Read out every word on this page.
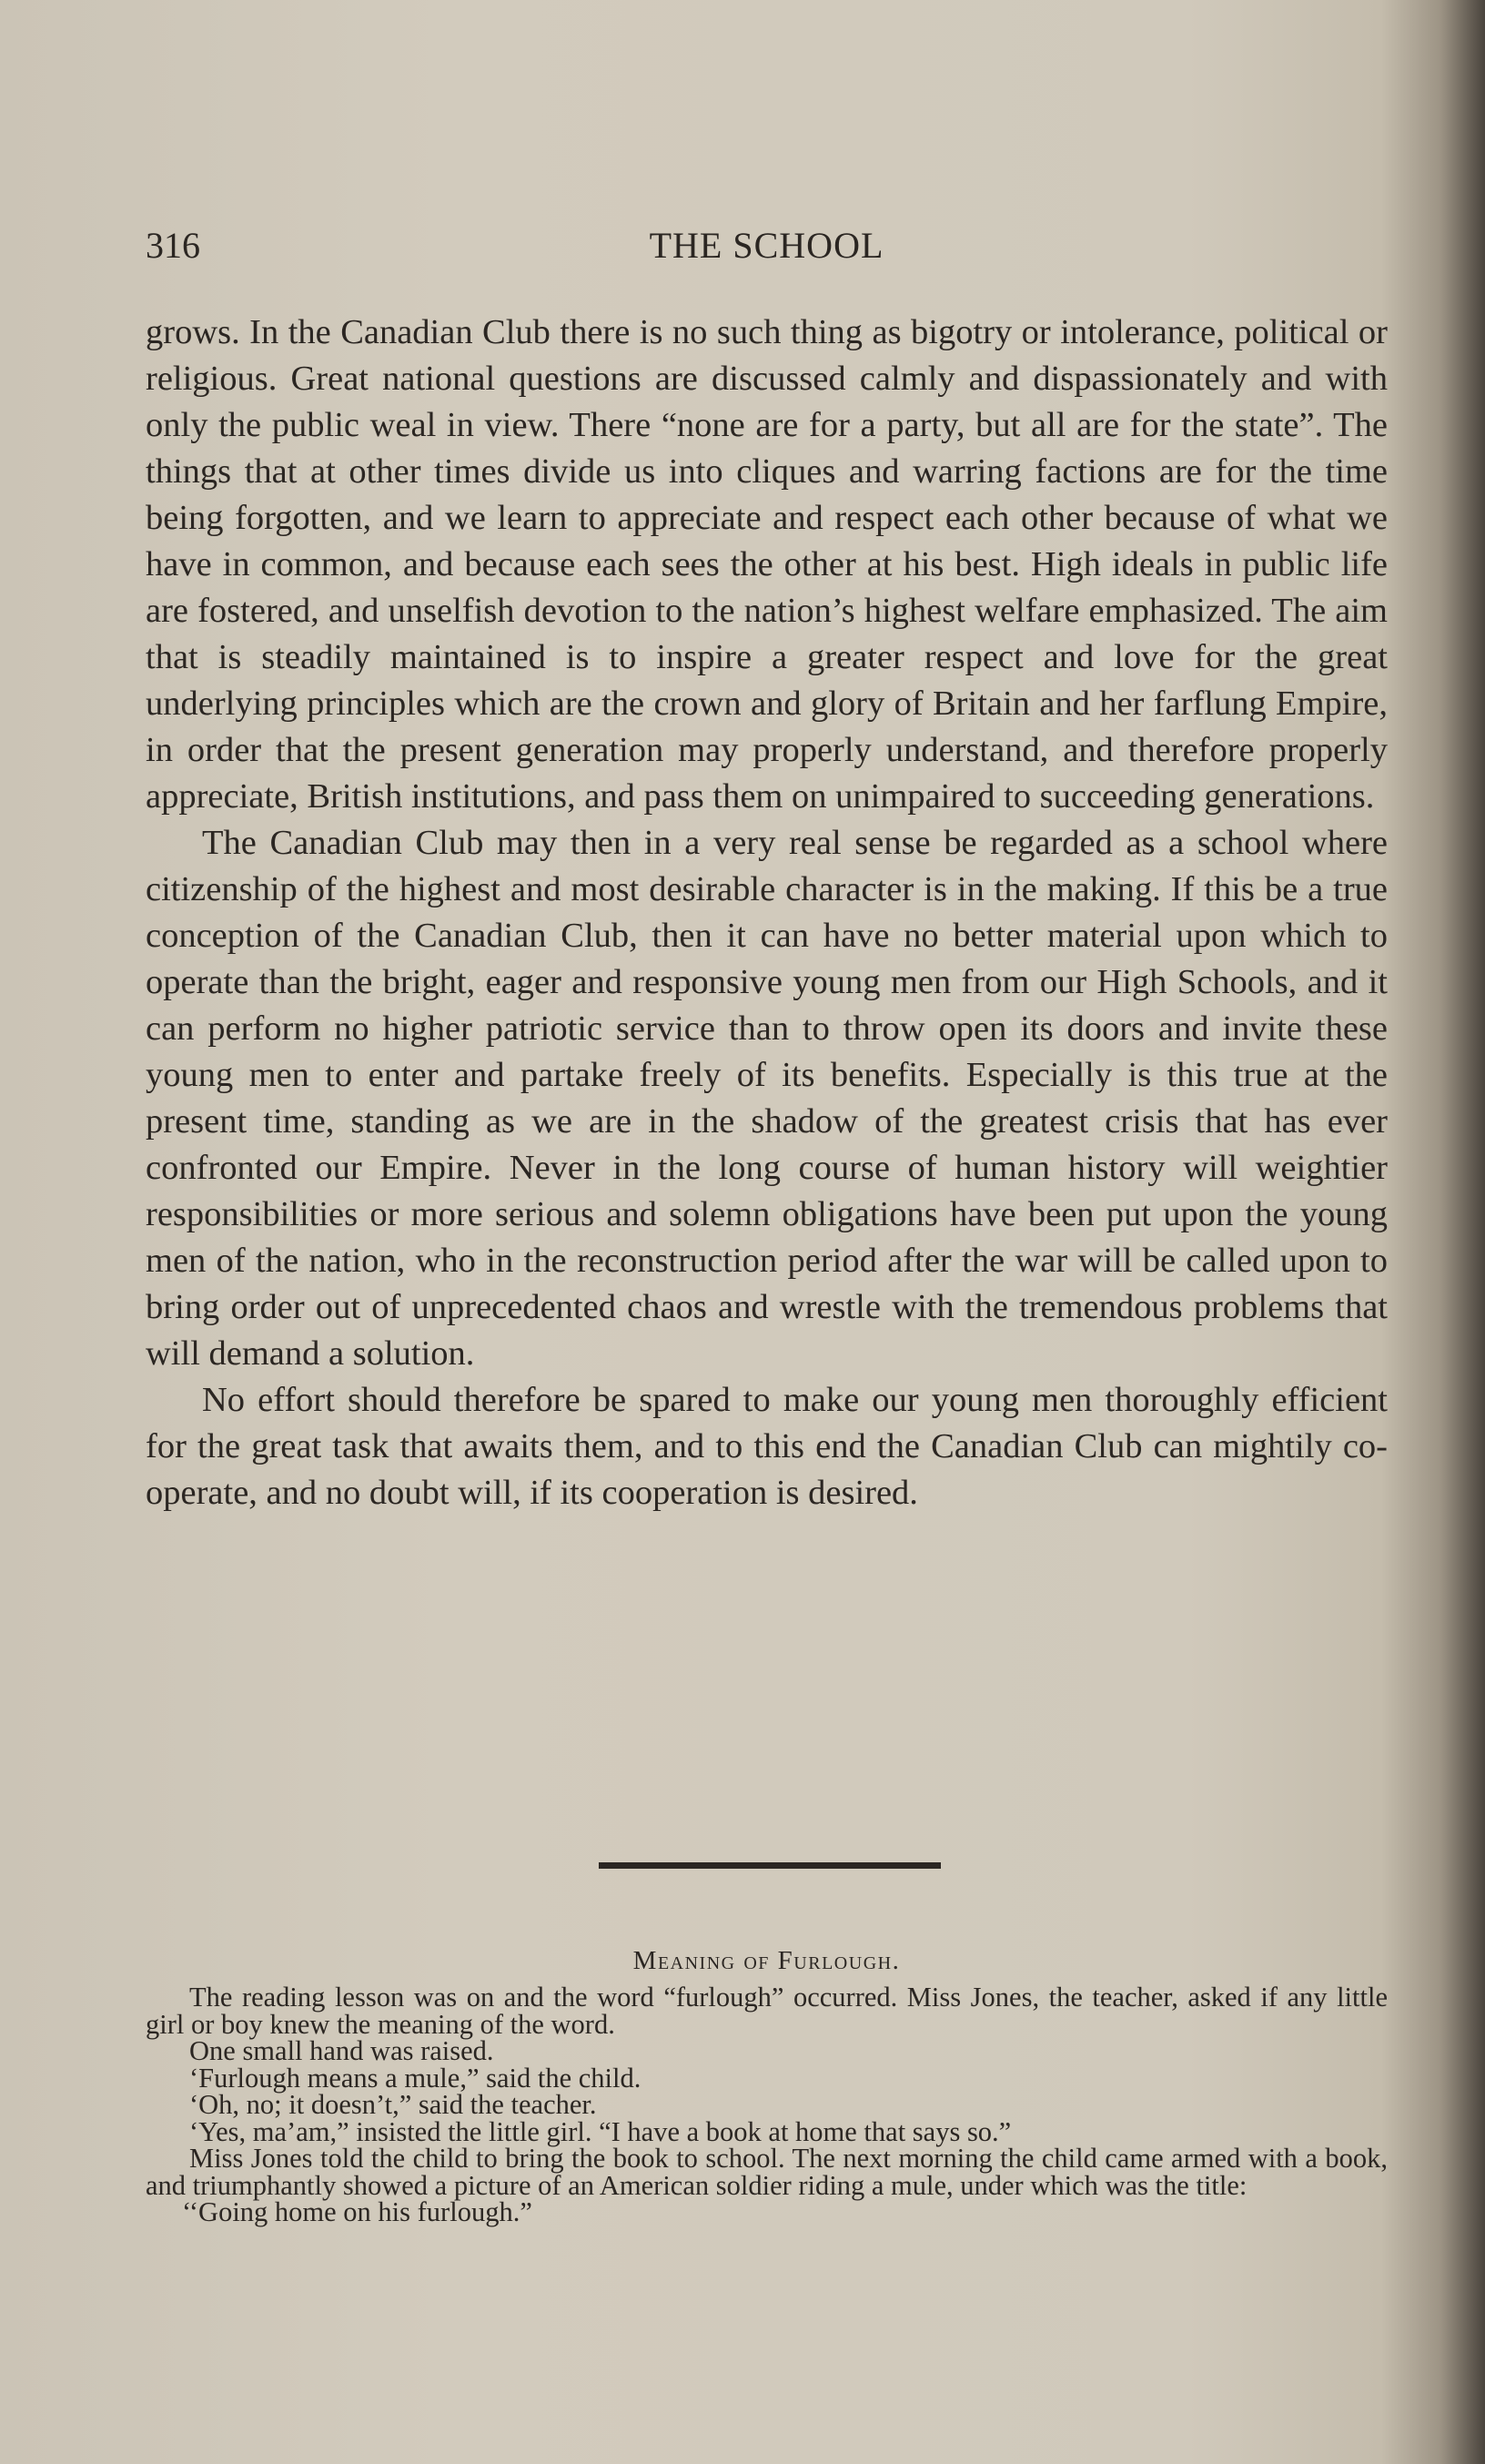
316	THE SCHOOL

grows. In the Canadian Club there is no such thing as bigotry or intolerance, political or religious. Great national questions are discussed calmly and dispassionately and with only the public weal in view. There “none are for a party, but all are for the state”. The things that at other times divide us into cliques and warring factions are for the time being forgotten, and we learn to appreciate and respect each other because of what we have in common, and because each sees the other at his best. High ideals in public life are fostered, and unselfish devotion to the nation’s highest welfare emphasized. The aim that is steadily maintained is to inspire a greater respect and love for the great underlying principles which are the crown and glory of Britain and her farflung Empire, in order that the present generation may properly understand, and therefore properly appreciate, British institutions, and pass them on unimpaired to succeeding generations.

The Canadian Club may then in a very real sense be regarded as a school where citizenship of the highest and most desirable character is in the making. If this be a true conception of the Canadian Club, then it can have no better material upon which to operate than the bright, eager and responsive young men from our High Schools, and it can perform no higher patriotic service than to throw open its doors and invite these young men to enter and partake freely of its benefits. Especially is this true at the present time, standing as we are in the shadow of the greatest crisis that has ever confronted our Empire. Never in the long course of human history will weightier responsibilities or more serious and solemn obligations have been put upon the young men of the nation, who in the reconstruction period after the war will be called upon to bring order out of unprecedented chaos and wrestle with the tremendous problems that will demand a solution.

No effort should therefore be spared to make our young men thoroughly efficient for the great task that awaits them, and to this end the Canadian Club can mightily co-operate, and no doubt will, if its cooperation is desired.

Meaning of Furlough.

The reading lesson was on and the word “furlough” occurred. Miss Jones, the teacher, asked if any little girl or boy knew the meaning of the word.

One small hand was raised.

‘Furlough means a mule,” said the child.

‘Oh, no; it doesn’t,” said the teacher.

‘Yes, ma’am,” insisted the little girl. “I have a book at home that says so.”

Miss Jones told the child to bring the book to school. The next morning the child came armed with a book, and triumphantly showed a picture of an American soldier riding a mule, under which was the title:

‘‘Going home on his furlough.”
